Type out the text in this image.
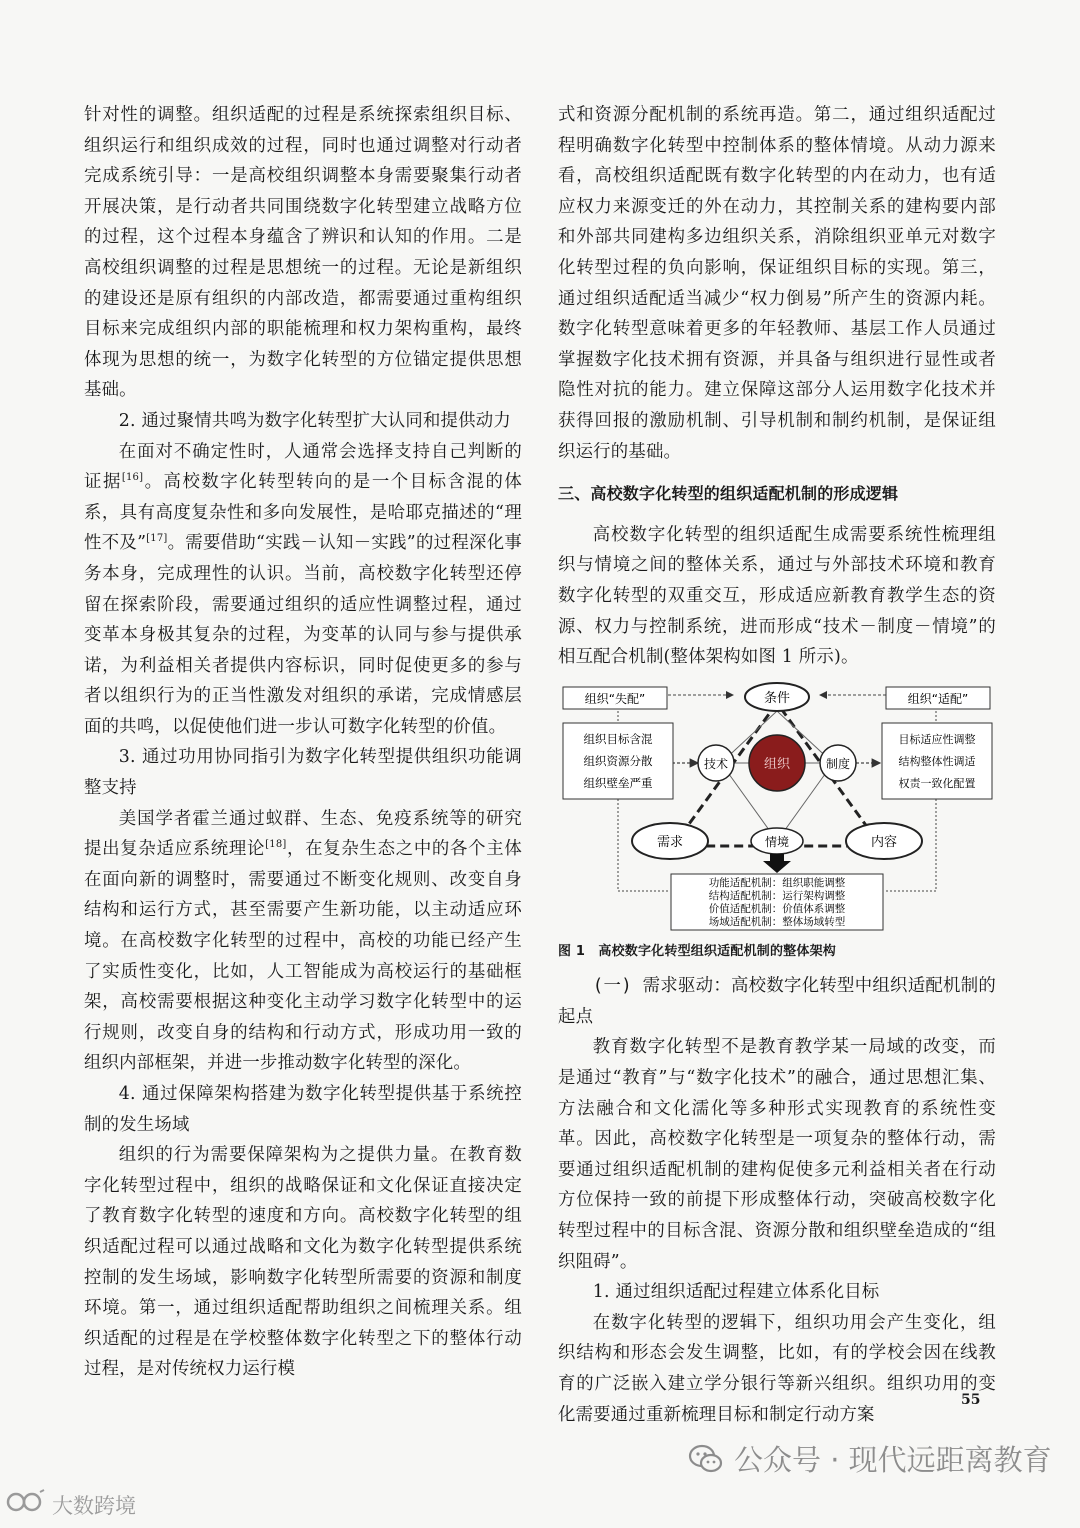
针对性的调整。组织适配的过程是系统探索组织目标、组织运行和组织成效的过程，同时也通过调整对行动者完成系统引导：一是高校组织调整本身需要聚集行动者开展决策，是行动者共同围绕数字化转型建立战略方位的过程，这个过程本身蕴含了辨识和认知的作用。二是高校组织调整的过程是思想统一的过程。无论是新组织的建设还是原有组织的内部改造，都需要通过重构组织目标来完成组织内部的职能梳理和权力架构重构，最终体现为思想的统一，为数字化转型的方位锚定提供思想基础。

2. 通过聚情共鸣为数字化转型扩大认同和提供动力

在面对不确定性时，人通常会选择支持自己判断的证据[16]。高校数字化转型转向的是一个目标含混的体系，具有高度复杂性和多向发展性，是哈耶克描述的“理性不及”[17]。需要借助“实践－认知－实践”的过程深化事务本身，完成理性的认识。当前，高校数字化转型还停留在探索阶段，需要通过组织的适应性调整过程，通过变革本身极其复杂的过程，为变革的认同与参与提供承诺，为利益相关者提供内容标识，同时促使更多的参与者以组织行为的正当性激发对组织的承诺，完成情感层面的共鸣，以促使他们进一步认可数字化转型的价值。

3. 通过功用协同指引为数字化转型提供组织功能调整支持

美国学者霍兰通过蚁群、生态、免疫系统等的研究提出复杂适应系统理论[18]，在复杂生态之中的各个主体在面向新的调整时，需要通过不断变化规则、改变自身结构和运行方式，甚至需要产生新功能，以主动适应环境。在高校数字化转型的过程中，高校的功能已经产生了实质性变化，比如，人工智能成为高校运行的基础框架，高校需要根据这种变化主动学习数字化转型中的运行规则，改变自身的结构和行动方式，形成功用一致的组织内部框架，并进一步推动数字化转型的深化。

4. 通过保障架构搭建为数字化转型提供基于系统控制的发生场域

组织的行为需要保障架构为之提供力量。在教育数字化转型过程中，组织的战略保证和文化保证直接决定了教育数字化转型的速度和方向。高校数字化转型的组织适配过程可以通过战略和文化为数字化转型提供系统控制的发生场域，影响数字化转型所需要的资源和制度环境。第一，通过组织适配帮助组织之间梳理关系。组织适配的过程是在学校整体数字化转型之下的整体行动过程，是对传统权力运行模

式和资源分配机制的系统再造。第二，通过组织适配过程明确数字化转型中控制体系的整体情境。从动力源来看，高校组织适配既有数字化转型的内在动力，也有适应权力来源变迁的外在动力，其控制关系的建构要内部和外部共同建构多边组织关系，消除组织亚单元对数字化转型过程的负向影响，保证组织目标的实现。第三，通过组织适配适当减少“权力倒易”所产生的资源内耗。数字化转型意味着更多的年轻教师、基层工作人员通过掌握数字化技术拥有资源，并具备与组织进行显性或者隐性对抗的能力。建立保障这部分人运用数字化技术并获得回报的激励机制、引导机制和制约机制，是保证组织运行的基础。

三、高校数字化转型的组织适配机制的形成逻辑

高校数字化转型的组织适配生成需要系统性梳理组织与情境之间的整体关系，通过与外部技术环境和教育数字化转型的双重交互，形成适应新教育教学生态的资源、权力与控制系统，进而形成“技术－制度－情境”的相互配合机制(整体架构如图 1 所示)。

组织“失配”
组织目标含混
组织资源分散
组织壁垒严重
组织“适配”
目标适应性调整
结构整体性调适
权责一致化配置
条件
需求	内容
技术	制度
组织
情境
功能适配机制：组织职能调整
结构适配机制：运行架构调整
价值适配机制：价值体系调整
场域适配机制：整体场域转型

图 1　高校数字化转型组织适配机制的整体架构

(一) 需求驱动：高校数字化转型中组织适配机制的起点

教育数字化转型不是教育教学某一局域的改变，而是通过“教育”与“数字化技术”的融合，通过思想汇集、方法融合和文化濡化等多种形式实现教育的系统性变革。因此，高校数字化转型是一项复杂的整体行动，需要通过组织适配机制的建构促使多元利益相关者在行动方位保持一致的前提下形成整体行动，突破高校数字化转型过程中的目标含混、资源分散和组织壁垒造成的“组织阻碍”。

1. 通过组织适配过程建立体系化目标

在数字化转型的逻辑下，组织功用会产生变化，组织结构和形态会发生调整，比如，有的学校会因在线教育的广泛嵌入建立学分银行等新兴组织。组织功用的变化需要通过重新梳理目标和制定行动方案

55
公众号 · 现代远距离教育
大数跨境
